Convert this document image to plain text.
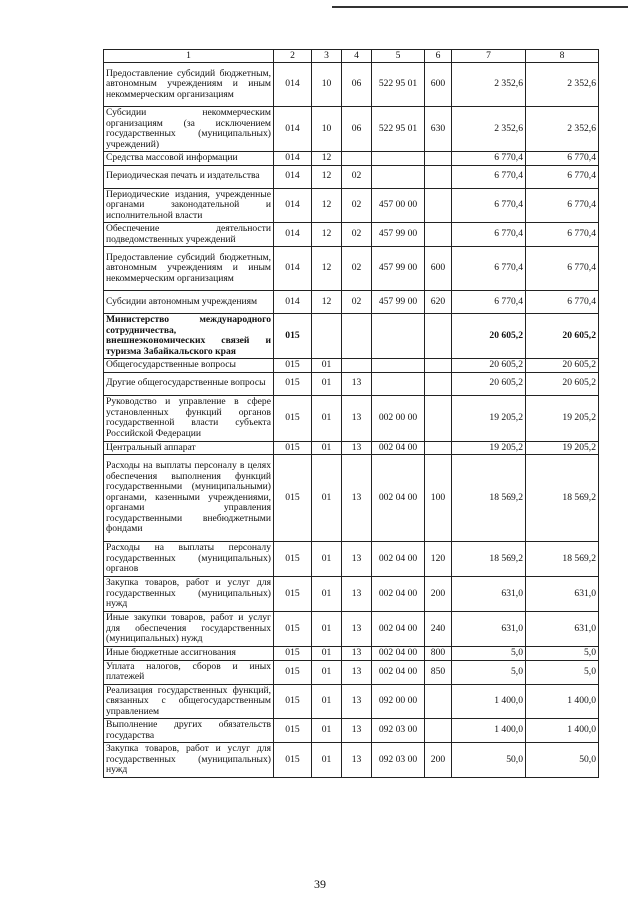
1	2	3	4	5	6	7	8
Предоставление субсидий бюджетным, автономным учреждениям и иным некоммерческим организациям	014	10	06	522 95 01	600	2 352,6	2 352,6
Субсидии некоммерческим организациям (за исключением государственных (муниципальных) учреждений)	014	10	06	522 95 01	630	2 352,6	2 352,6
Средства массовой информации	014	12				6 770,4	6 770,4
Периодическая печать и издательства	014	12	02			6 770,4	6 770,4
Периодические издания, учрежденные органами законодательной и исполнительной власти	014	12	02	457 00 00		6 770,4	6 770,4
Обеспечение деятельности подведомственных учреждений	014	12	02	457 99 00		6 770,4	6 770,4
Предоставление субсидий бюджетным, автономным учреждениям и иным некоммерческим организациям	014	12	02	457 99 00	600	6 770,4	6 770,4
Субсидии автономным учреждениям	014	12	02	457 99 00	620	6 770,4	6 770,4
Министерство международного сотрудничества, внешнеэкономических связей и туризма Забайкальского края	015					20 605,2	20 605,2
Общегосударственные вопросы	015	01				20 605,2	20 605,2
Другие общегосударственные вопросы	015	01	13			20 605,2	20 605,2
Руководство и управление в сфере установленных функций органов государственной власти субъекта Российской Федерации	015	01	13	002 00 00		19 205,2	19 205,2
Центральный аппарат	015	01	13	002 04 00		19 205,2	19 205,2
Расходы на выплаты персоналу в целях обеспечения выполнения функций государственными (муниципальными) органами, казенными учреждениями, органами управления государственными внебюджетными фондами	015	01	13	002 04 00	100	18 569,2	18 569,2
Расходы на выплаты персоналу государственных (муниципальных) органов	015	01	13	002 04 00	120	18 569,2	18 569,2
Закупка товаров, работ и услуг для государственных (муниципальных) нужд	015	01	13	002 04 00	200	631,0	631,0
Иные закупки товаров, работ и услуг для обеспечения государственных (муниципальных) нужд	015	01	13	002 04 00	240	631,0	631,0
Иные бюджетные ассигнования	015	01	13	002 04 00	800	5,0	5,0
Уплата налогов, сборов и иных платежей	015	01	13	002 04 00	850	5,0	5,0
Реализация государственных функций, связанных с общегосударственным управлением	015	01	13	092 00 00		1 400,0	1 400,0
Выполнение других обязательств государства	015	01	13	092 03 00		1 400,0	1 400,0
Закупка товаров, работ и услуг для государственных (муниципальных) нужд	015	01	13	092 03 00	200	50,0	50,0
39
